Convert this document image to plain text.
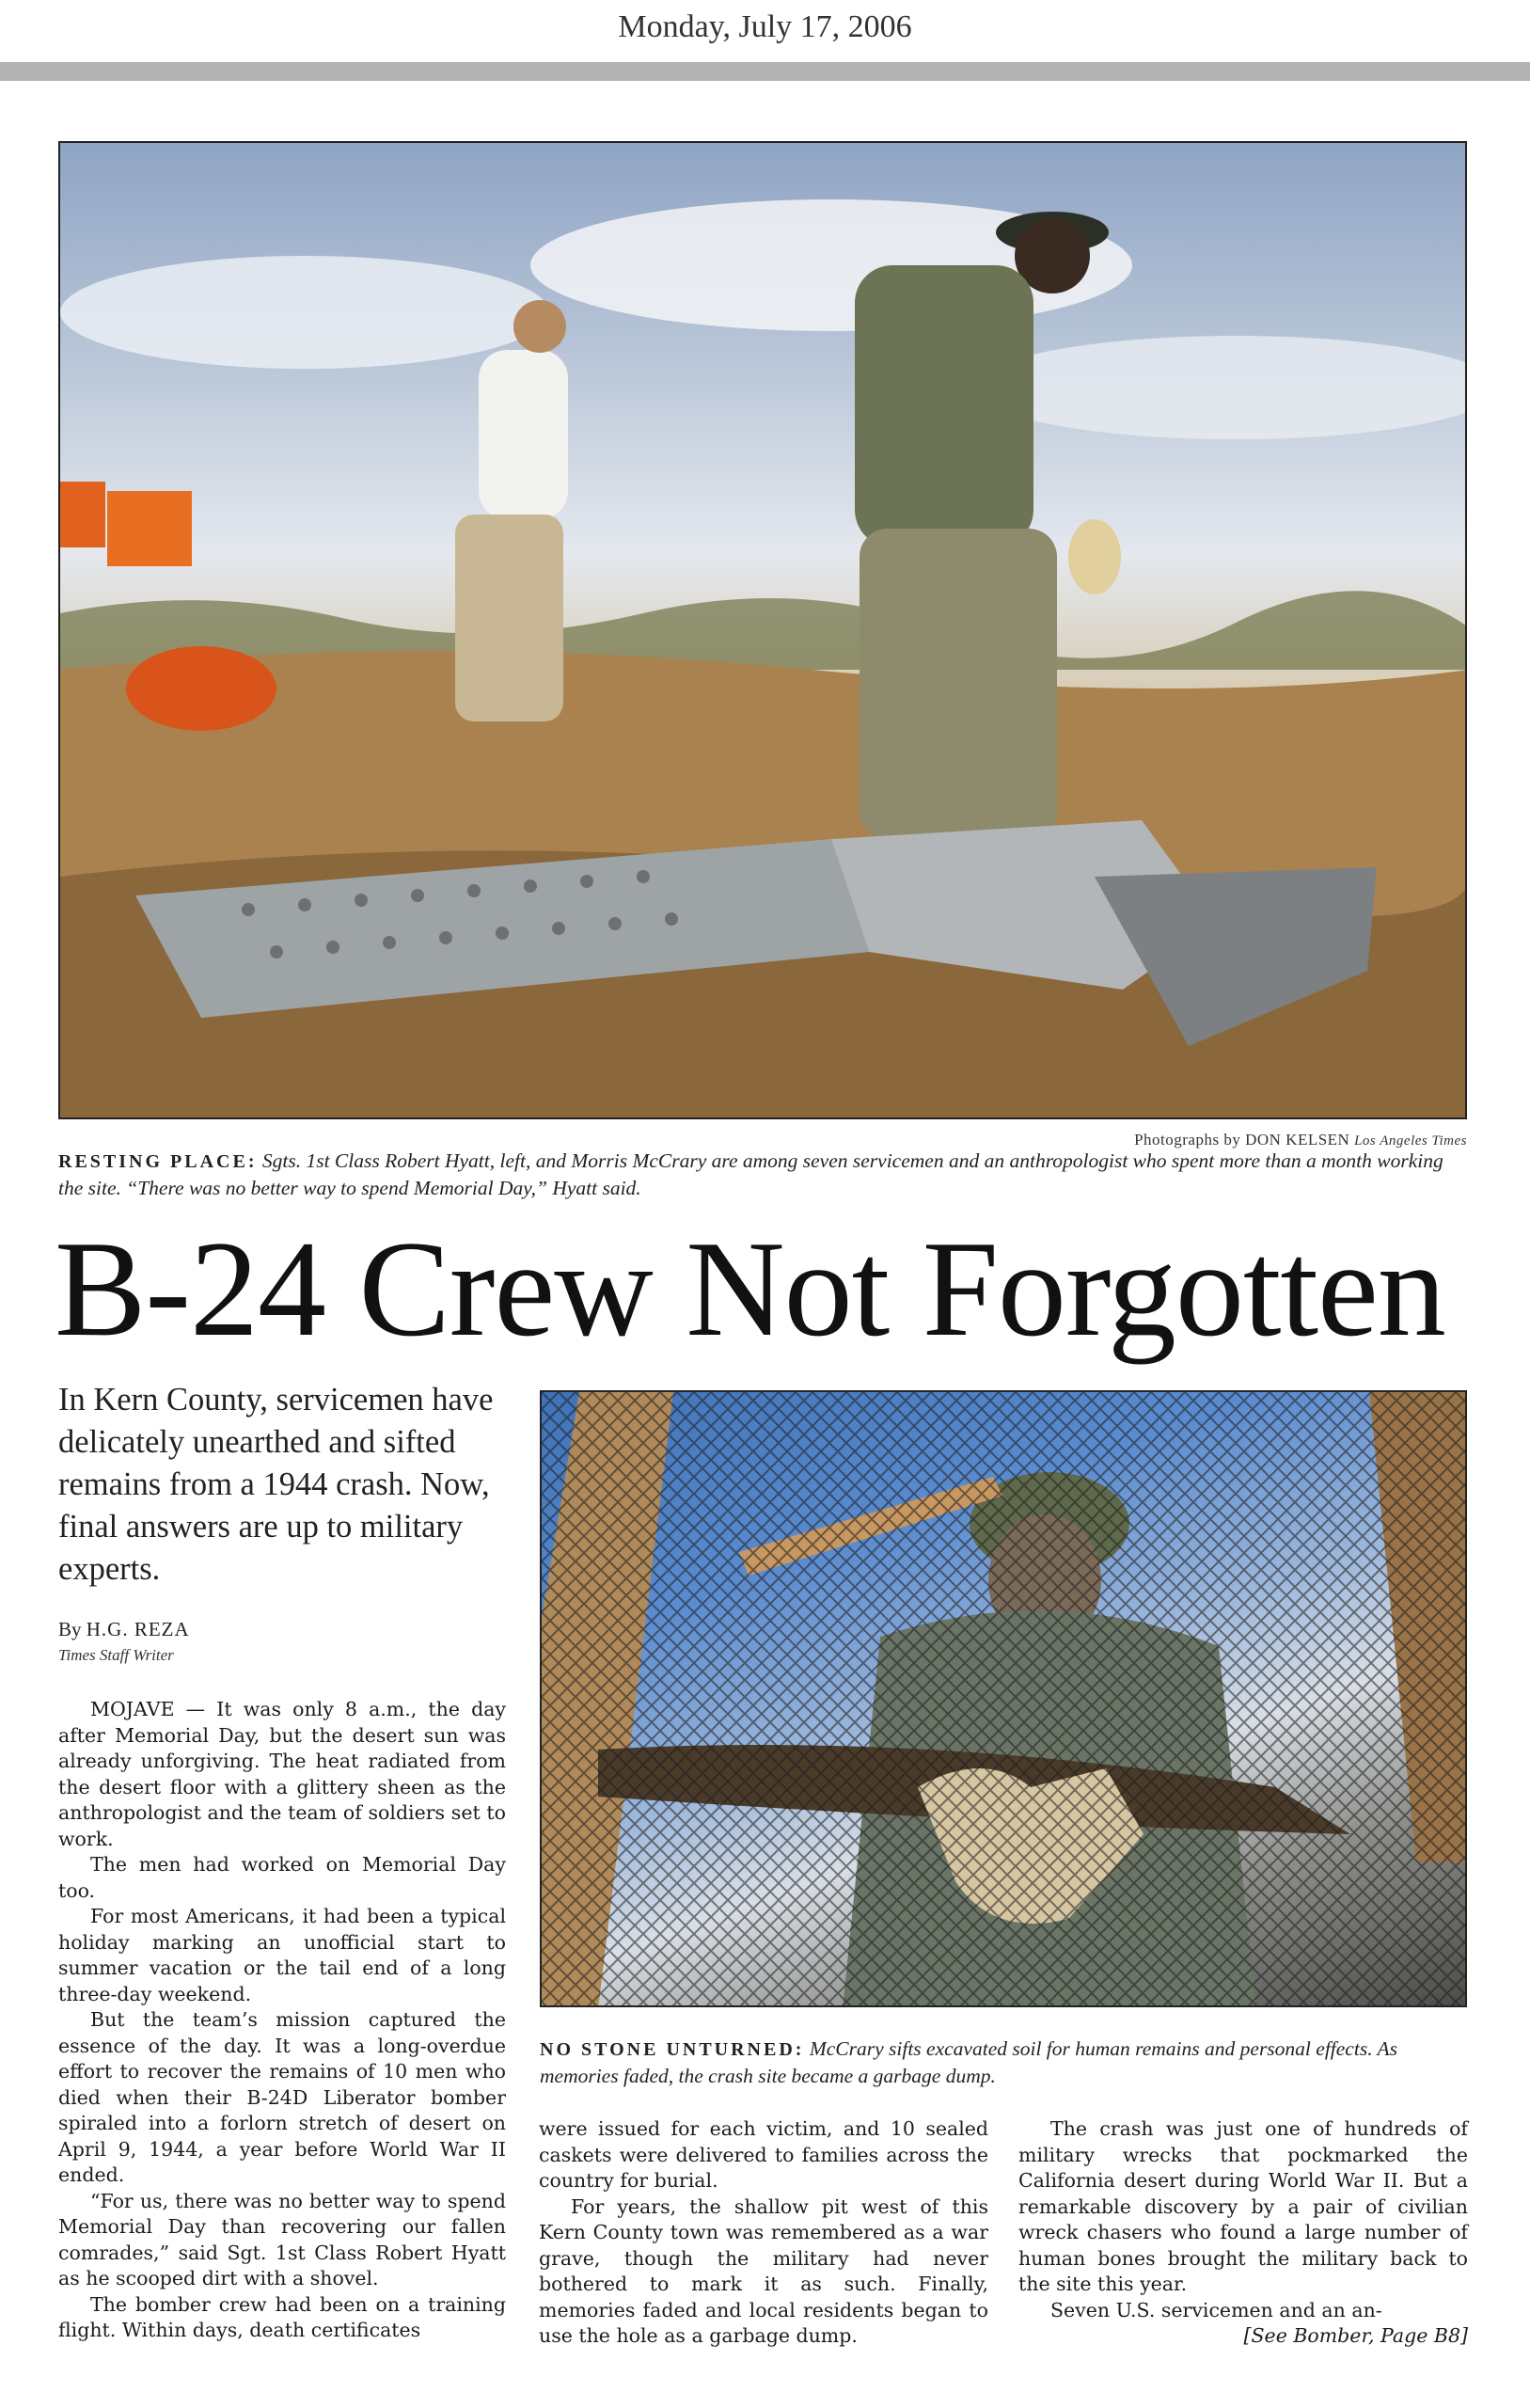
Monday, July 17, 2006
Photographs by DON KELSEN Los Angeles Times
RESTING PLACE: Sgts. 1st Class Robert Hyatt, left, and Morris McCrary are among seven servicemen and an anthropologist who spent more than a month working the site. “There was no better way to spend Memorial Day,” Hyatt said.
B-24 Crew Not Forgotten
In Kern County, servicemen have delicately unearthed and sifted remains from a 1944 crash. Now, final answers are up to military experts.
By H.G. REZA
Times Staff Writer
NO STONE UNTURNED: McCrary sifts excavated soil for human remains and personal effects. As memories faded, the crash site became a garbage dump.

MOJAVE — It was only 8 a.m., the day after Memorial Day, but the desert sun was already unforgiving. The heat radiated from the desert floor with a glittery sheen as the anthropologist and the team of soldiers set to work.

The men had worked on Memorial Day too.

For most Americans, it had been a typical holiday marking an unofficial start to summer vacation or the tail end of a long three-day weekend.

But the team’s mission captured the essence of the day. It was a long-overdue effort to recover the remains of 10 men who died when their B-24D Liberator bomber spiraled into a forlorn stretch of desert on April 9, 1944, a year before World War II ended.

“For us, there was no better way to spend Memorial Day than recovering our fallen comrades,” said Sgt. 1st Class Robert Hyatt as he scooped dirt with a shovel.

The bomber crew had been on a training flight. Within days, death certificates

were issued for each victim, and 10 sealed caskets were delivered to families across the country for burial.

For years, the shallow pit west of this Kern County town was remembered as a war grave, though the military had never bothered to mark it as such. Finally, memories faded and local residents began to use the hole as a garbage dump.

The crash was just one of hundreds of military wrecks that pockmarked the California desert during World War II. But a remarkable discovery by a pair of civilian wreck chasers who found a large number of human bones brought the military back to the site this year.

Seven U.S. servicemen and an an-

[See Bomber, Page B8]
